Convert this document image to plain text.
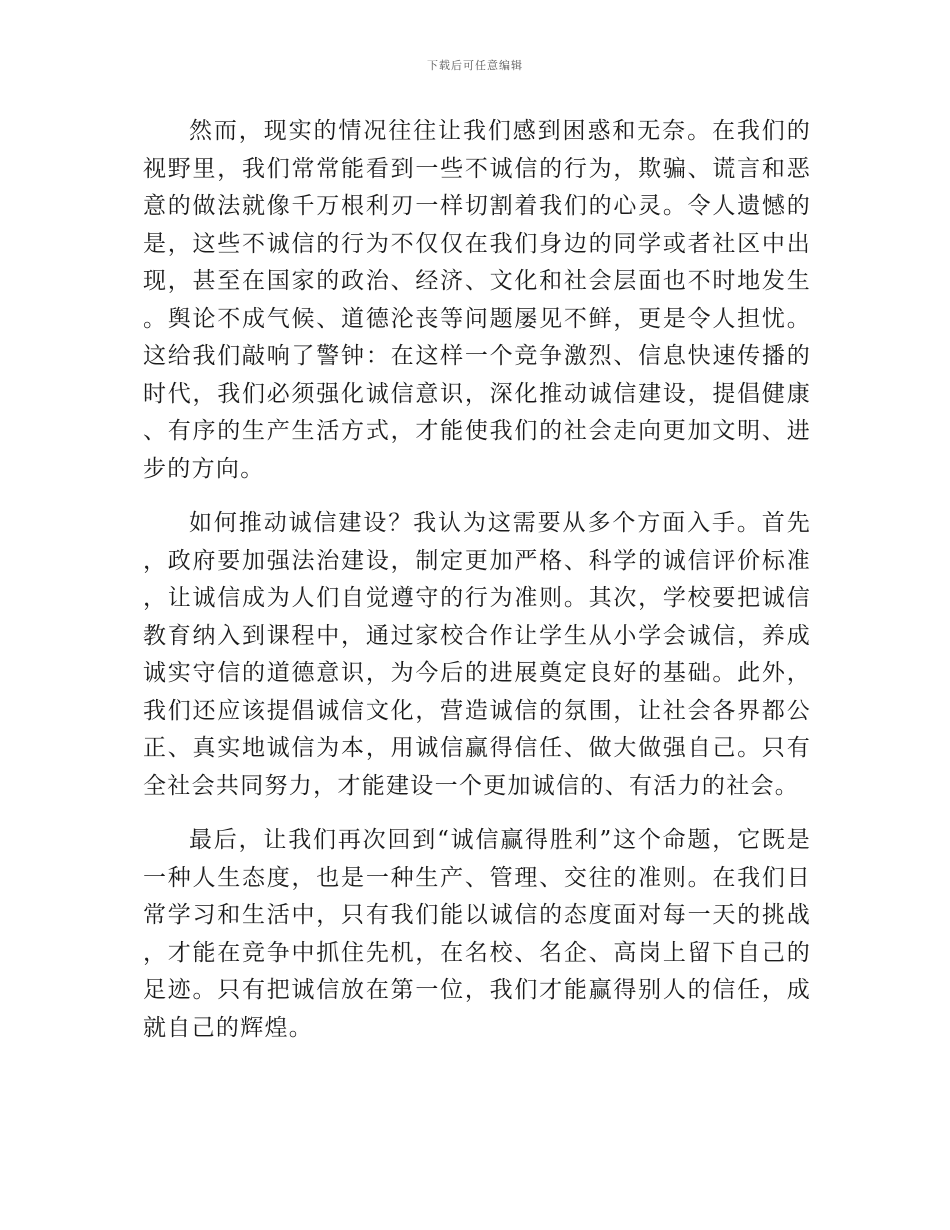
下载后可任意编辑

然而，现实的情况往往让我们感到困惑和无奈。在我们的视野里，我们常常能看到一些不诚信的行为，欺骗、谎言和恶意的做法就像千万根利刃一样切割着我们的心灵。令人遗憾的是，这些不诚信的行为不仅仅在我们身边的同学或者社区中出现，甚至在国家的政治、经济、文化和社会层面也不时地发生。舆论不成气候、道德沦丧等问题屡见不鲜，更是令人担忧。这给我们敲响了警钟：在这样一个竞争激烈、信息快速传播的时代，我们必须强化诚信意识，深化推动诚信建设，提倡健康、有序的生产生活方式，才能使我们的社会走向更加文明、进步的方向。

如何推动诚信建设？我认为这需要从多个方面入手。首先，政府要加强法治建设，制定更加严格、科学的诚信评价标准，让诚信成为人们自觉遵守的行为准则。其次，学校要把诚信教育纳入到课程中，通过家校合作让学生从小学会诚信，养成诚实守信的道德意识，为今后的进展奠定良好的基础。此外，我们还应该提倡诚信文化，营造诚信的氛围，让社会各界都公正、真实地诚信为本，用诚信赢得信任、做大做强自己。只有全社会共同努力，才能建设一个更加诚信的、有活力的社会。

最后，让我们再次回到“诚信赢得胜利”这个命题，它既是一种人生态度，也是一种生产、管理、交往的准则。在我们日常学习和生活中，只有我们能以诚信的态度面对每一天的挑战，才能在竞争中抓住先机，在名校、名企、高岗上留下自己的足迹。只有把诚信放在第一位，我们才能赢得别人的信任，成就自己的辉煌。
